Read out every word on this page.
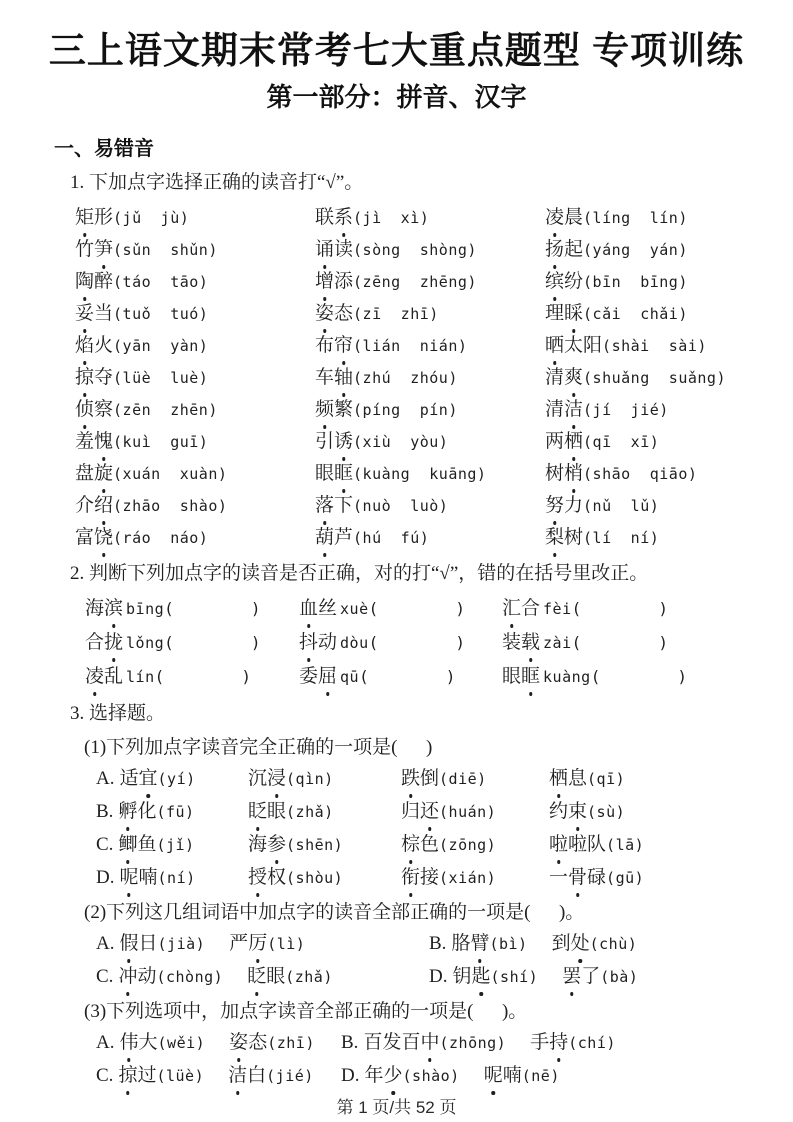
三上语文期末常考七大重点题型 专项训练
第一部分：拼音、汉字
一、易错音
1. 下加点字选择正确的读音打“√”。
矩形(jǔ  jù)	联系(jì  xì)	凌晨(líng  lín)
竹笋(sǔn  shǔn)	诵读(sòng  shòng)	扬起(yáng  yán)
陶醉(táo  tāo)	增添(zēng  zhēng)	缤纷(bīn  bīng)
妥当(tuǒ  tuó)	姿态(zī  zhī)	理睬(cǎi  chǎi)
焰火(yān  yàn)	布帘(lián  nián)	晒太阳(shài  sài)
掠夺(lüè  luè)	车轴(zhú  zhóu)	清爽(shuǎng  suǎng)
侦察(zēn  zhēn)	频繁(píng  pín)	清洁(jí  jié)
羞愧(kuì  guī)	引诱(xiù  yòu)	两栖(qī  xī)
盘旋(xuán  xuàn)	眼眶(kuàng  kuāng)	树梢(shāo  qiāo)
介绍(zhāo  shào)	落下(nuò  luò)	努力(nǔ  lǔ)
富饶(ráo  náo)	葫芦(hú  fú)	梨树(lí  ní)
2. 判断下列加点字的读音是否正确，对的打“√”，错的在括号里改正。
海滨 bīng(        )	血丝 xuè(        )	汇合 fèi(        )
合拢 lǒng(        )	抖动 dòu(        )	装载 zài(        )
凌乱 lín(        )	委屈 qū(        )	眼眶 kuàng(        )
3. 选择题。
(1)下列加点字读音完全正确的一项是(      )
A. 适宜(yí)	沉浸(qìn)	跌倒(diē)	栖息(qī)
B. 孵化(fū)	眨眼(zhǎ)	归还(huán)	约束(sù)
C. 鲫鱼(jǐ)	海参(shēn)	棕色(zōng)	啦啦队(lā)
D. 呢喃(ní)	授权(shòu)	衔接(xián)	一骨碌(gū)
(2)下列这几组词语中加点字的读音全部正确的一项是(      )。
A. 假日(jià) 严厉(lì)	B. 胳臂(bì) 到处(chù)
C. 冲动(chòng) 眨眼(zhǎ)	D. 钥匙(shí) 罢了(bà)
(3)下列选项中，加点字读音全部正确的一项是(      )。
A. 伟大(wěi) 姿态(zhī)	B. 百发百中(zhōng) 手持(chí)
C. 掠过(lüè) 洁白(jié)	D. 年少(shào) 呢喃(nē)
第 1 页/共 52 页
